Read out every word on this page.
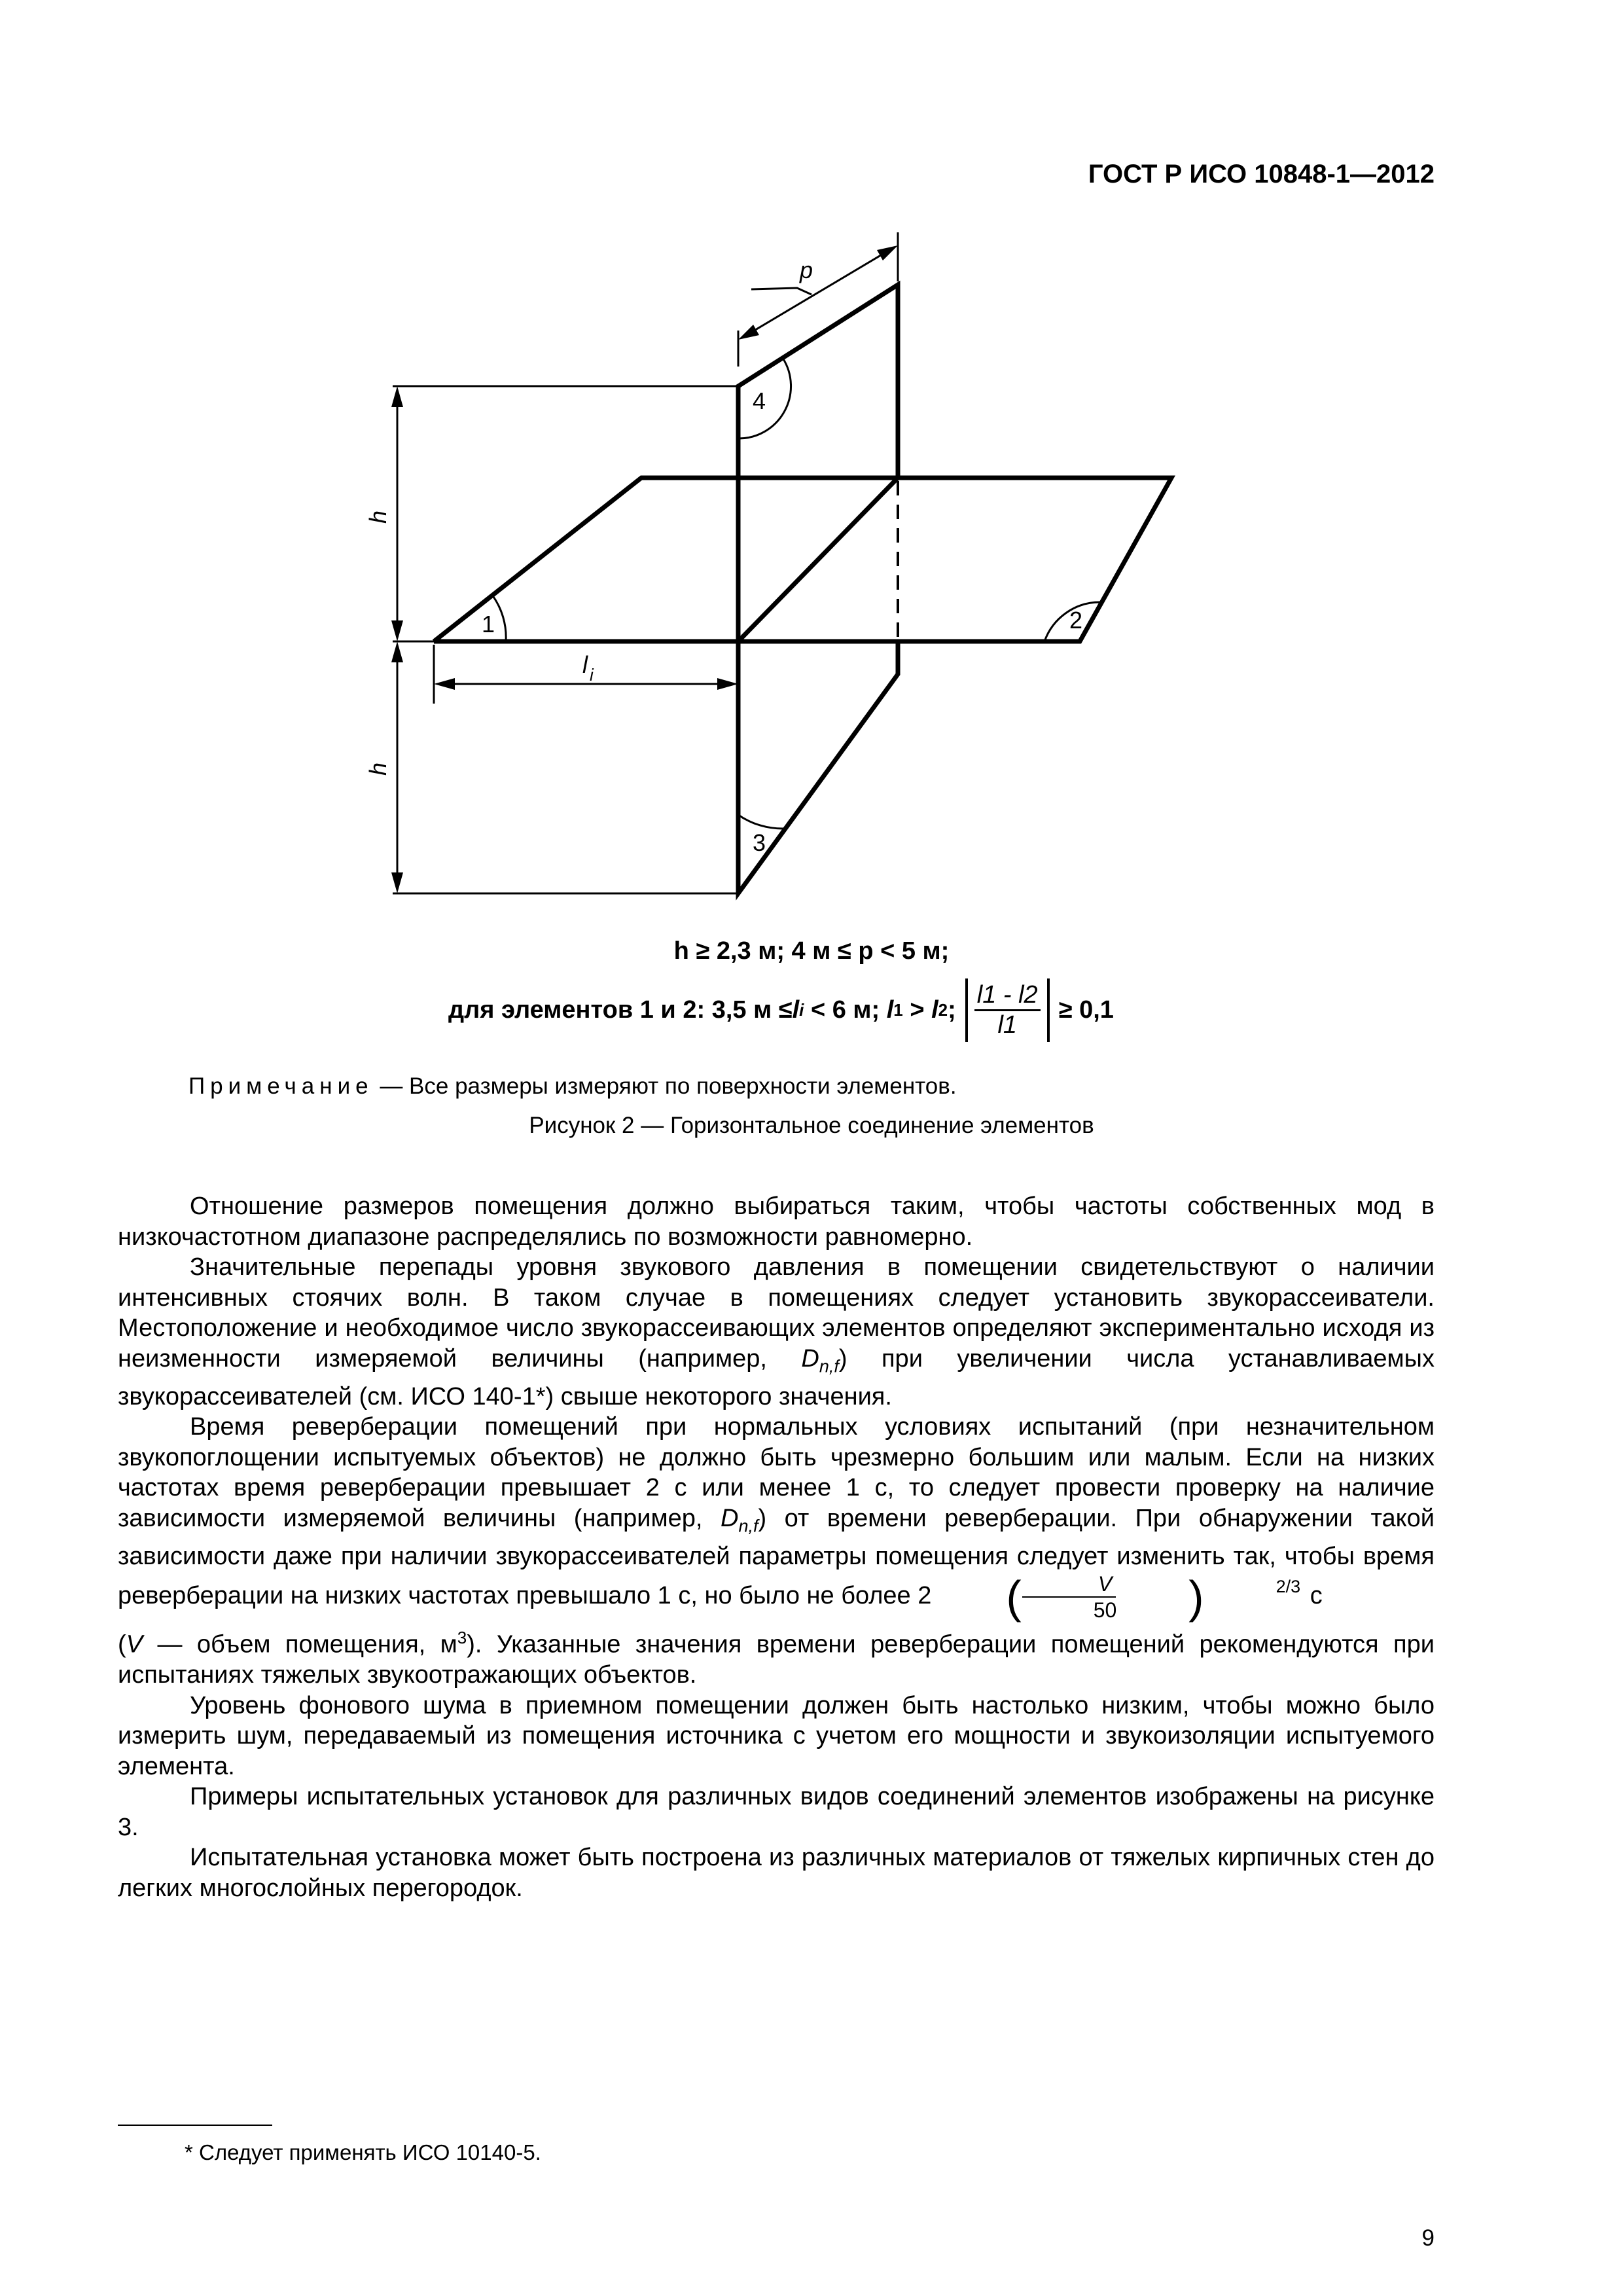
ГОСТ Р ИСО 10848-1—2012
p
h
h
l i
1	2
3
4
h ≥ 2,3 м; 4 м ≤ p < 5 м;
для элементов 1 и 2: 3,5 м ≤ l i < 6 м; l 1 > l 2 ; $\frac{l1 - l2}{l1} \ge 0,1$
Примечание — Все размеры измеряют по поверхности элементов.
Рисунок 2 — Горизонтальное соединение элементов

Отношение размеров помещения должно выбираться таким, чтобы частоты собственных мод в низкочастотном диапазоне распределялись по возможности равномерно.

Значительные перепады уровня звукового давления в помещении свидетельствуют о наличии интенсивных стоячих волн. В таком случае в помещениях следует установить звукорассеиватели. Местоположение и необходимое число звукорассеивающих элементов определяют экспериментально исходя из неизменности измеряемой величины (например, $D_{n,f}$) при увеличении числа устанавливаемых звукорассеивателей (см. ИСО 140-1*) свыше некоторого значения.

Время реверберации помещений при нормальных условиях испытаний (при незначительном звукопоглощении испытуемых объектов) не должно быть чрезмерно большим или малым. Если на низких частотах время реверберации превышает 2 с или менее 1 с, то следует провести проверку на наличие зависимости измеряемой величины (например, $D_{n,f}$) от времени реверберации. При обнаружении такой зависимости даже при наличии звукорассеивателей параметры помещения следует изменить так, чтобы время реверберации на низких частотах превышало 1 с, но было не более 2	( $\frac{V}{50}$	)	$^{2/3}$ с

(V — объем помещения, $м^3$). Указанные значения времени реверберации помещений рекомендуются при испытаниях тяжелых звукоотражающих объектов.

Уровень фонового шума в приемном помещении должен быть настолько низким, чтобы можно было измерить шум, передаваемый из помещения источника с учетом его мощности и звукоизоляции испытуемого элемента.

Примеры испытательных установок для различных видов соединений элементов изображены на рисунке 3.

Испытательная установка может быть построена из различных материалов от тяжелых кирпичных стен до легких многослойных перегородок.

* Следует применять ИСО 10140-5.
9
